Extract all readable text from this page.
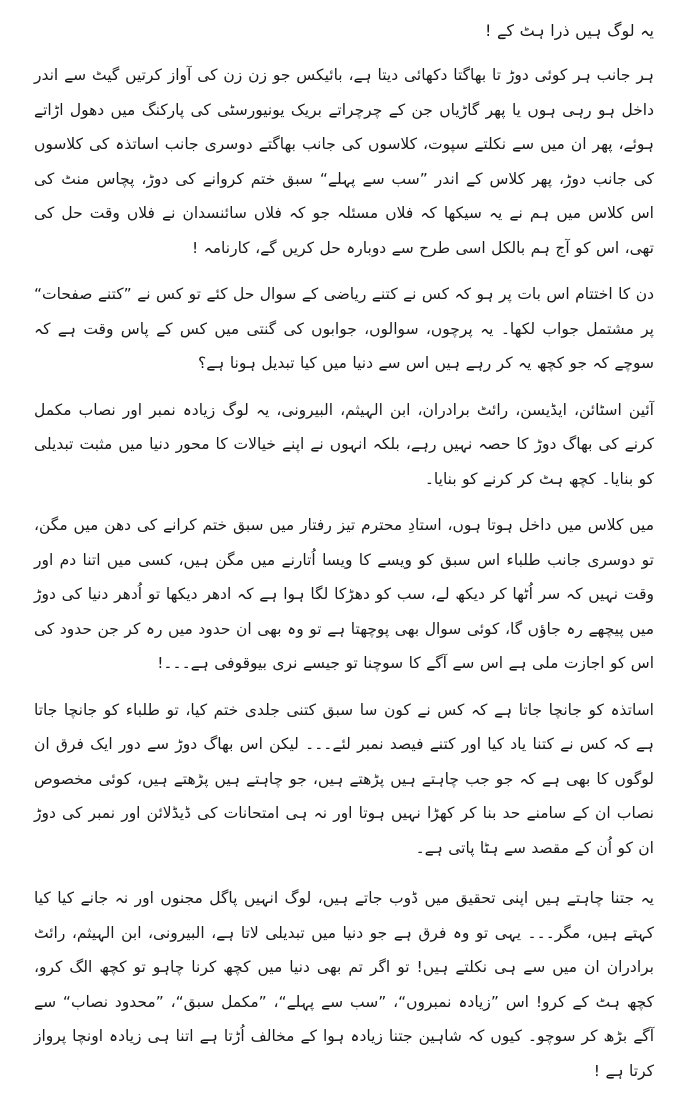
یہ لوگ ہیں ذرا ہٹ کے !

ہر جانب ہر کوئی دوڑ تا بھاگتا دکھائی دیتا ہے، بائیکس جو زن زن کی آواز کرتیں گیٹ سے اندر داخل ہو رہی ہوں یا پھر گاڑیاں جن کے چرچراتے بریک یونیورسٹی کی پارکنگ میں دھول اڑاتے ہوئے، پھر ان میں سے نکلتے سپوت، کلاسوں کی جانب بھاگتے دوسری جانب اساتذہ کی کلاسوں کی جانب دوڑ، پھر کلاس کے اندر ”سب سے پہلے“ سبق ختم کروانے کی دوڑ، پچاس منٹ کی اس کلاس میں ہم نے یہ سیکھا کہ فلاں مسئلہ جو کہ فلاں سائنسدان نے فلاں وقت حل کی تھی، اس کو آج ہم بالکل اسی طرح سے دوبارہ حل کریں گے، کارنامہ !

دن کا اختتام اس بات پر ہو کہ کس نے کتنے ریاضی کے سوال حل کئے تو کس نے ”کتنے صفحات“ پر مشتمل جواب لکھا۔ یہ پرچوں، سوالوں، جوابوں کی گنتی میں کس کے پاس وقت ہے کہ سوچے کہ جو کچھ یہ کر رہے ہیں اس سے دنیا میں کیا تبدیل ہونا ہے؟

آئین اسٹائن، ایڈیسن، رائٹ برادران، ابن الہیثم، البیرونی، یہ لوگ زیادہ نمبر اور نصاب مکمل کرنے کی بھاگ دوڑ کا حصہ نہیں رہے، بلکہ انہوں نے اپنے خیالات کا محور دنیا میں مثبت تبدیلی کو بنایا۔ کچھ ہٹ کر کرنے کو بنایا۔

میں کلاس میں داخل ہوتا ہوں، استادِ محترم تیز رفتار میں سبق ختم کرانے کی دھن میں مگن، تو دوسری جانب طلباء اس سبق کو ویسے کا ویسا اُتارنے میں مگن ہیں، کسی میں اتنا دم اور وقت نہیں کہ سر اُٹھا کر دیکھ لے، سب کو دھڑکا لگا ہوا ہے کہ ادھر دیکھا تو اُدھر دنیا کی دوڑ میں پیچھے رہ جاؤں گا، کوئی سوال بھی پوچھتا ہے تو وہ بھی ان حدود میں رہ کر جن حدود کی اس کو اجازت ملی ہے اس سے آگے کا سوچنا تو جیسے نری بیوقوفی ہے۔۔۔!

اساتذہ کو جانچا جاتا ہے کہ کس نے کون سا سبق کتنی جلدی ختم کیا، تو طلباء کو جانچا جاتا ہے کہ کس نے کتنا یاد کیا اور کتنے فیصد نمبر لئے۔۔۔ لیکن اس بھاگ دوڑ سے دور ایک فرق ان لوگوں کا بھی ہے کہ جو جب چاہتے ہیں پڑھتے ہیں، جو چاہتے ہیں پڑھتے ہیں، کوئی مخصوص نصاب ان کے سامنے حد بنا کر کھڑا نہیں ہوتا اور نہ ہی امتحانات کی ڈیڈلائن اور نمبر کی دوڑ ان کو اُن کے مقصد سے ہٹا پاتی ہے۔

یہ جتنا چاہتے ہیں اپنی تحقیق میں ڈوب جاتے ہیں، لوگ انہیں پاگل مجنوں اور نہ جانے کیا کیا کہتے ہیں، مگر۔۔۔ یہی تو وہ فرق ہے جو دنیا میں تبدیلی لاتا ہے، البیرونی، ابن الہیثم، رائٹ برادران ان میں سے ہی نکلتے ہیں! تو اگر تم بھی دنیا میں کچھ کرنا چاہو تو کچھ الگ کرو، کچھ ہٹ کے کرو! اس ”زیادہ نمبروں“، ”سب سے پہلے“، ”مکمل سبق“، ”محدود نصاب“ سے آگے بڑھ کر سوچو۔ کیوں کہ شاہین جتنا زیادہ ہوا کے مخالف اُڑتا ہے اتنا ہی زیادہ اونچا پرواز کرتا ہے !
